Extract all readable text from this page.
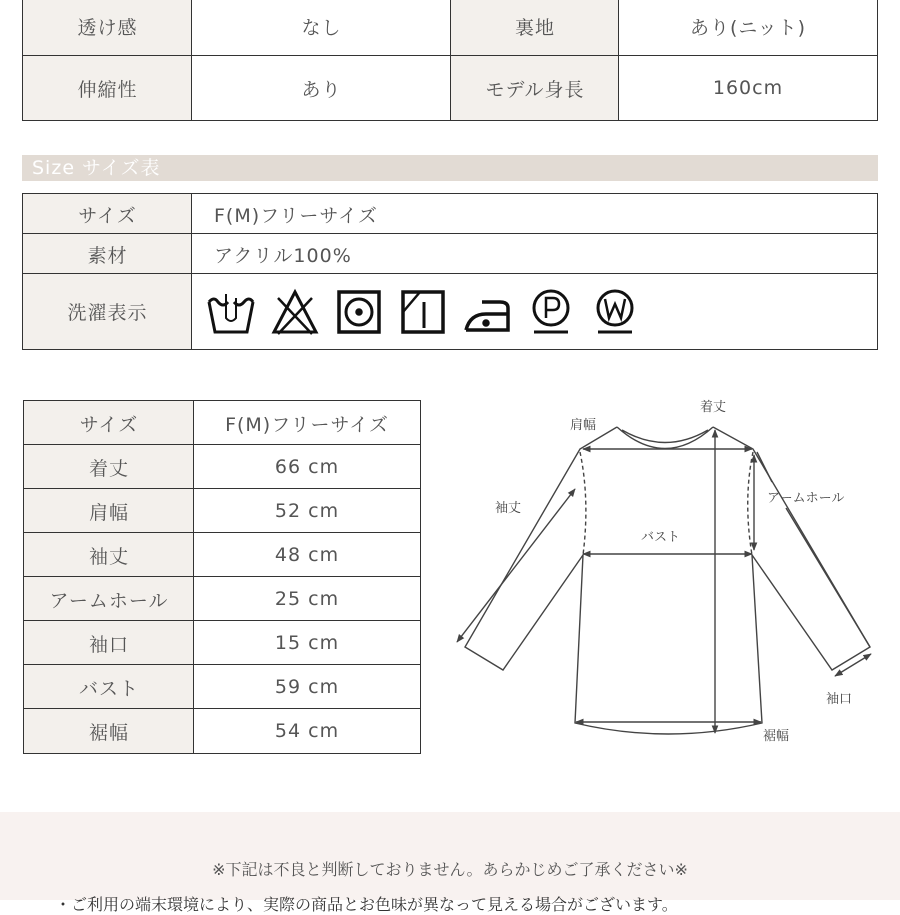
透け感	なし	裏地	あり(ニット)
伸縮性	あり	モデル身長	160cm
Size サイズ表
サイズ	F(M)フリーサイズ
素材	アクリル100%
洗濯表示
サイズ	F(M)フリーサイズ
着丈	66 cm
肩幅	52 cm
袖丈	48 cm
アームホール	25 cm
袖口	15 cm
バスト	59 cm
裾幅	54 cm
着丈
肩幅
袖丈
アームホール
バスト
袖口
裾幅
※下記は不良と判断しておりません。あらかじめご了承ください※
・ご利用の端末環境により、実際の商品とお色味が異なって見える場合がございます。
